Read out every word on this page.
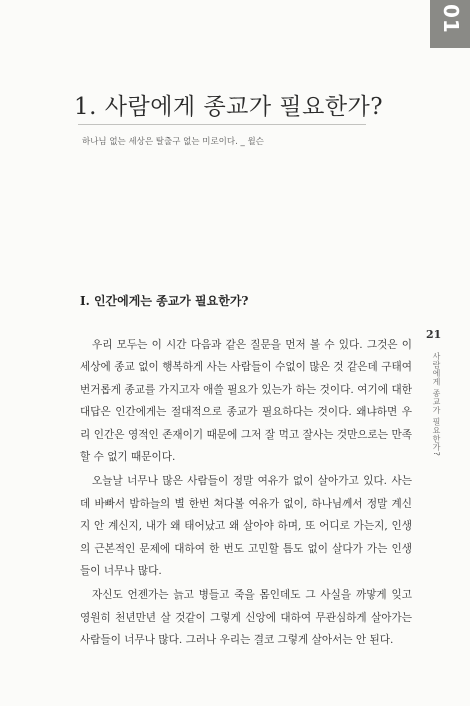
01
1. 사람에게 종교가 필요한가?

하나님 없는 세상은 탈출구 없는 미로이다. _ 윌슨

I. 인간에게는 종교가 필요한가?

우리 모두는 이 시간 다음과 같은 질문을 먼저 볼 수 있다. 그것은 이 세상에 종교 없이 행복하게 사는 사람들이 수없이 많은 것 같은데 구태여 번거롭게 종교를 가지고자 애쓸 필요가 있는가 하는 것이다. 여기에 대한 대답은 인간에게는 절대적으로 종교가 필요하다는 것이다. 왜냐하면 우리 인간은 영적인 존재이기 때문에 그저 잘 먹고 잘사는 것만으로는 만족할 수 없기 때문이다.

오늘날 너무나 많은 사람들이 정말 여유가 없이 살아가고 있다. 사는 데 바빠서 밤하늘의 별 한번 쳐다볼 여유가 없이, 하나님께서 정말 계신지 안 계신지, 내가 왜 태어났고 왜 살아야 하며, 또 어디로 가는지, 인생의 근본적인 문제에 대하여 한 번도 고민할 틈도 없이 살다가 가는 인생들이 너무나 많다.

자신도 언젠가는 늙고 병들고 죽을 몸인데도 그 사실을 까맣게 잊고 영원히 천년만년 살 것같이 그렇게 신앙에 대하여 무관심하게 살아가는 사람들이 너무나 많다. 그러나 우리는 결코 그렇게 살아서는 안 된다.

21
사람에게 종교가 필요한가?
